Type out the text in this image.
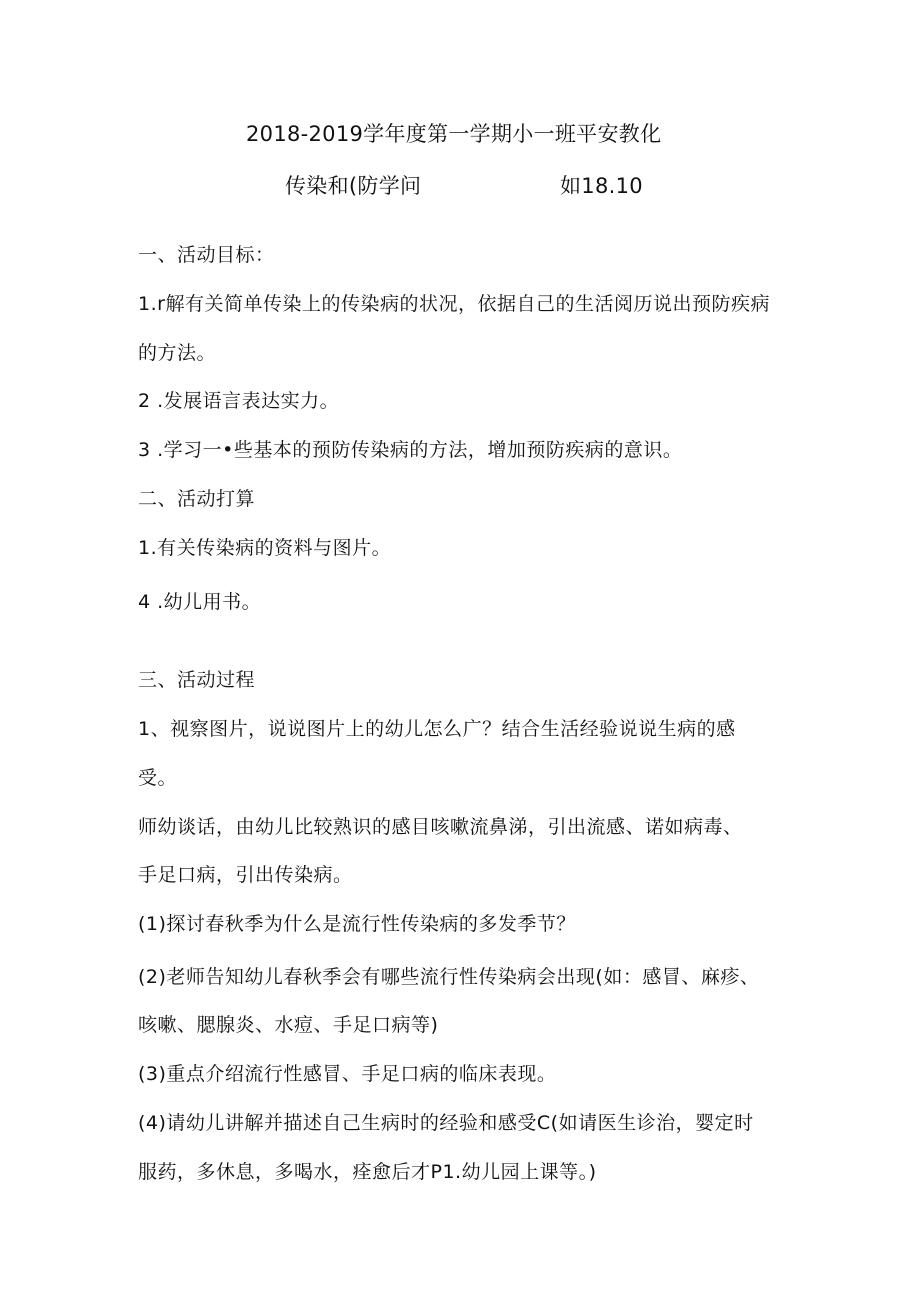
2018-2019学年度第一学期小一班平安教化
传染和(防学问	如18.10
一、活动目标：
1.r解有关简单传染上的传染病的状况，依据自己的生活阅历说出预防疾病
的方法。
2 .发展语言表达实力。
3 .学习一•些基本的预防传染病的方法，增加预防疾病的意识。
二、活动打算
1.有关传染病的资料与图片。
4 .幼儿用书。
三、活动过程
1、视察图片，说说图片上的幼儿怎么广？结合生活经验说说生病的感
受。
师幼谈话，由幼儿比较熟识的感目咳嗽流鼻涕，引出流感、诺如病毒、
手足口病，引出传染病。
(1)探讨春秋季为什么是流行性传染病的多发季节？
(2)老师告知幼儿春秋季会有哪些流行性传染病会出现(如：感冒、麻疹、
咳嗽、腮腺炎、水痘、手足口病等)
(3)重点介绍流行性感冒、手足口病的临床表现。
(4)请幼儿讲解并描述自己生病时的经验和感受C(如请医生诊治，婴定时
服药，多休息，多喝水，痊愈后才P1.幼儿园上课等。)
